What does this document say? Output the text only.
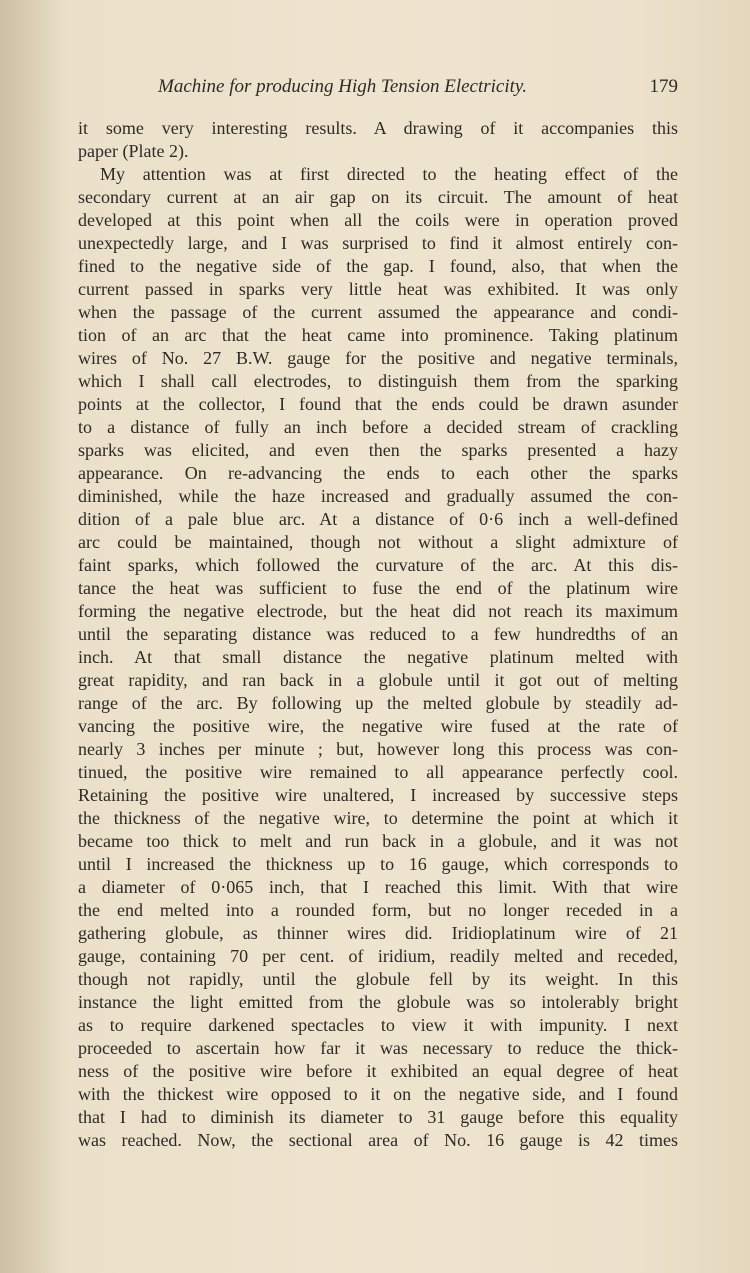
Machine for producing High Tension Electricity.	179
it some very interesting results. A drawing of it accompanies this
paper (Plate 2).
My attention was at first directed to the heating effect of the
secondary current at an air gap on its circuit. The amount of heat
developed at this point when all the coils were in operation proved
unexpectedly large, and I was surprised to find it almost entirely con-
fined to the negative side of the gap. I found, also, that when the
current passed in sparks very little heat was exhibited. It was only
when the passage of the current assumed the appearance and condi-
tion of an arc that the heat came into prominence. Taking platinum
wires of No. 27 B.W. gauge for the positive and negative terminals,
which I shall call electrodes, to distinguish them from the sparking
points at the collector, I found that the ends could be drawn asunder
to a distance of fully an inch before a decided stream of crackling
sparks was elicited, and even then the sparks presented a hazy
appearance. On re-advancing the ends to each other the sparks
diminished, while the haze increased and gradually assumed the con-
dition of a pale blue arc. At a distance of 0·6 inch a well-defined
arc could be maintained, though not without a slight admixture of
faint sparks, which followed the curvature of the arc. At this dis-
tance the heat was sufficient to fuse the end of the platinum wire
forming the negative electrode, but the heat did not reach its maximum
until the separating distance was reduced to a few hundredths of an
inch. At that small distance the negative platinum melted with
great rapidity, and ran back in a globule until it got out of melting
range of the arc. By following up the melted globule by steadily ad-
vancing the positive wire, the negative wire fused at the rate of
nearly 3 inches per minute ; but, however long this process was con-
tinued, the positive wire remained to all appearance perfectly cool.
Retaining the positive wire unaltered, I increased by successive steps
the thickness of the negative wire, to determine the point at which it
became too thick to melt and run back in a globule, and it was not
until I increased the thickness up to 16 gauge, which corresponds to
a diameter of 0·065 inch, that I reached this limit. With that wire
the end melted into a rounded form, but no longer receded in a
gathering globule, as thinner wires did. Iridioplatinum wire of 21
gauge, containing 70 per cent. of iridium, readily melted and receded,
though not rapidly, until the globule fell by its weight. In this
instance the light emitted from the globule was so intolerably bright
as to require darkened spectacles to view it with impunity. I next
proceeded to ascertain how far it was necessary to reduce the thick-
ness of the positive wire before it exhibited an equal degree of heat
with the thickest wire opposed to it on the negative side, and I found
that I had to diminish its diameter to 31 gauge before this equality
was reached. Now, the sectional area of No. 16 gauge is 42 times
